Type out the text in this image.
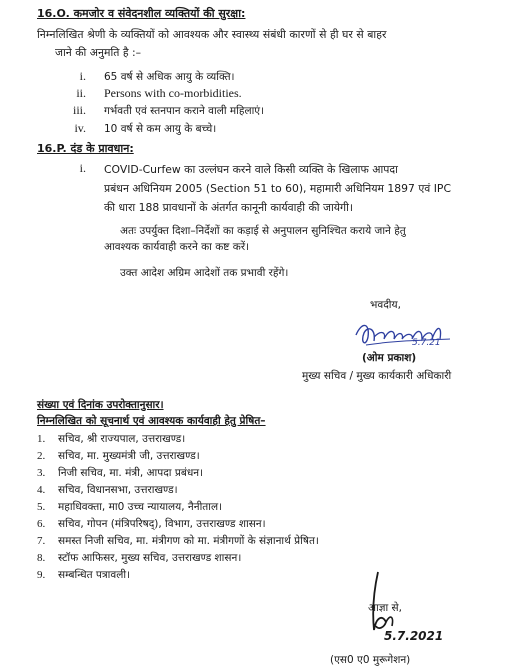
16.O. कमजोर व संवेदनशील व्यक्तियों की सुरक्षा:
निम्नलिखित श्रेणी के व्यक्तियों को आवश्यक और स्वास्थ्य संबंधी कारणों से ही घर से बाहर
जाने की अनुमति है :–
i. 65 वर्ष से अधिक आयु के व्यक्ति।
ii. Persons with co-morbidities.
iii. गर्भवती एवं स्तनपान कराने वाली महिलाएं।
iv. 10 वर्ष से कम आयु के बच्चे।
16.P. दंड के प्रावधान:
i. COVID-Curfew का उल्लंघन करने वाले किसी व्यक्ति के खिलाफ आपदा
प्रबंधन अधिनियम 2005 (Section 51 to 60), महामारी अधिनियम 1897 एवं IPC
की धारा 188 प्रावधानों के अंतर्गत कानूनी कार्यवाही की जायेगी।
अतः उपर्युक्त दिशा–निर्देशों का कड़ाई से अनुपालन सुनिश्चित कराये जाने हेतु
आवश्यक कार्यवाही करने का कष्ट करें।
उक्त आदेश अग्रिम आदेशों तक प्रभावी रहेंगे।
भवदीय,
5.7.21
(ओम प्रकाश)
मुख्य सचिव / मुख्य कार्यकारी अधिकारी
संख्या एवं दिनांक उपरोक्तानुसार।
निम्नलिखित को सूचनार्थ एवं आवश्यक कार्यवाही हेतु प्रेषित–
1. सचिव, श्री राज्यपाल, उत्तराखण्ड।
2. सचिव, मा. मुख्यमंत्री जी, उत्तराखण्ड।
3. निजी सचिव, मा. मंत्री, आपदा प्रबंधन।
4. सचिव, विधानसभा, उत्तराखण्ड।
5. महाधिवक्ता, मा0 उच्च न्यायालय, नैनीताल।
6. सचिव, गोपन (मंत्रिपरिषद्), विभाग, उत्तराखण्ड शासन।
7. समस्त निजी सचिव, मा. मंत्रीगण को मा. मंत्रीगणों के संज्ञानार्थ प्रेषित।
8. स्टॉफ आफिसर, मुख्य सचिव, उत्तराखण्ड शासन।
9. सम्बन्धित पत्रावली।
आज्ञा से,
5.7.2021
(एस0 ए0 मुरूगेशन)
